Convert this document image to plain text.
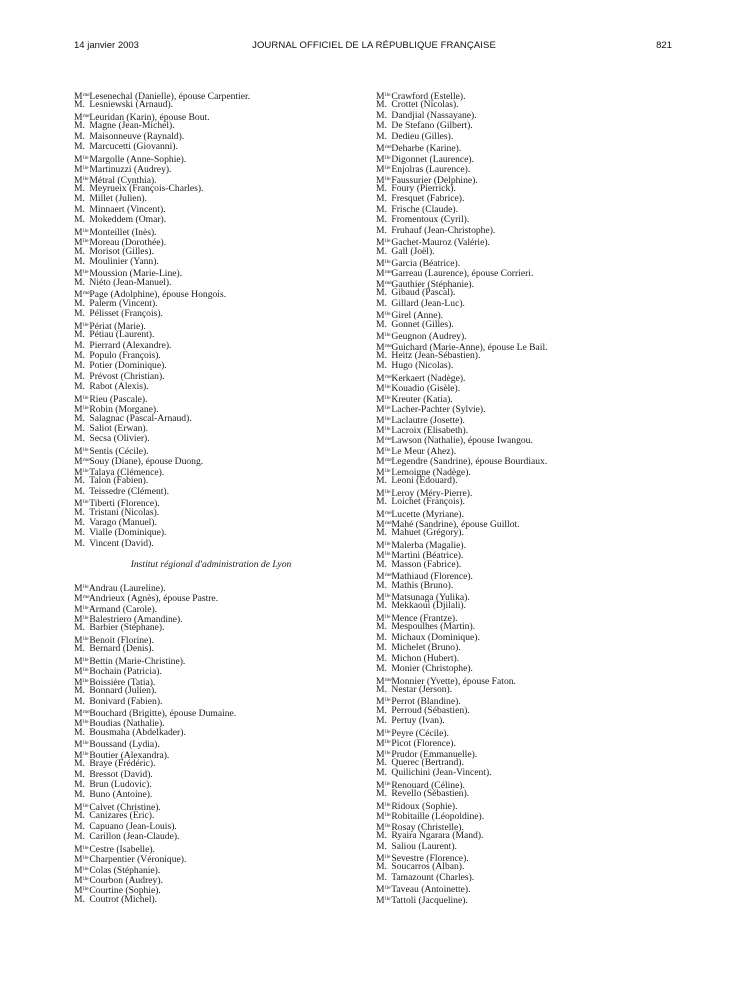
14 janvier 2003	JOURNAL OFFICIEL DE LA RÉPUBLIQUE FRANÇAISE	821
$M^{me}$ Lesenechal (Danielle), épouse Carpentier.
M. Lesniewski (Arnaud).
$M^{me}$ Leuridan (Karin), épouse Bout.
M. Magne (Jean-Michel).
M. Maisonneuve (Raynald).
M. Marcucetti (Giovanni).
$M^{lle}$ Margolle (Anne-Sophie).
$M^{lle}$ Martinuzzi (Audrey).
$M^{lle}$ Métral (Cynthia).
M. Meyrueix (François-Charles).
M. Millet (Julien).
M. Minnaert (Vincent).
M. Mokeddem (Omar).
$M^{lle}$ Monteillet (Inès).
$M^{lle}$ Moreau (Dorothée).
M. Morisot (Gilles).
M. Moulinier (Yann).
$M^{lle}$ Moussion (Marie-Line).
M. Niéto (Jean-Manuel).
$M^{me}$ Page (Adolphine), épouse Hongois.
M. Palerm (Vincent).
M. Pélisset (François).
$M^{lle}$ Périat (Marie).
M. Pétiau (Laurent).
M. Pierrard (Alexandre).
M. Populo (François).
M. Potier (Dominique).
M. Prévost (Christian).
M. Rabot (Alexis).
$M^{lle}$ Rieu (Pascale).
$M^{lle}$ Robin (Morgane).
M. Salagnac (Pascal-Arnaud).
M. Saliot (Erwan).
M. Secsa (Olivier).
$M^{lle}$ Sentis (Cécile).
$M^{me}$ Souy (Diane), épouse Duong.
$M^{lle}$ Talaya (Clémence).
M. Talon (Fabien).
M. Teissedre (Clément).
$M^{lle}$ Tiberti (Florence).
M. Tristani (Nicolas).
M. Varago (Manuel).
M. Vialle (Dominique).
M. Vincent (David).
Institut régional d'administration de Lyon
$M^{lle}$ Andrau (Laureline).
$M^{me}$ Andrieux (Agnès), épouse Pastre.
$M^{lle}$ Armand (Carole).
$M^{lle}$ Balestriero (Amandine).
M. Barbier (Stéphane).
$M^{lle}$ Benoit (Florine).
M. Bernard (Denis).
$M^{lle}$ Bettin (Marie-Christine).
$M^{lle}$ Bochain (Patricia).
$M^{lle}$ Boissière (Tatia).
M. Bonnard (Julien).
M. Bonivard (Fabien).
$M^{me}$ Bouchard (Brigitte), épouse Dumaine.
$M^{lle}$ Boudias (Nathalie).
M. Bousmaha (Abdelkader).
$M^{lle}$ Boussand (Lydia).
$M^{lle}$ Boutier (Alexandra).
M. Braye (Frédéric).
M. Bressot (David).
M. Brun (Ludovic).
M. Buno (Antoine).
$M^{lle}$ Calvet (Christine).
M. Canizares (Eric).
M. Capuano (Jean-Louis).
M. Carillon (Jean-Claude).
$M^{lle}$ Cestre (Isabelle).
$M^{lle}$ Charpentier (Véronique).
$M^{lle}$ Colas (Stéphanie).
$M^{lle}$ Courbon (Audrey).
$M^{lle}$ Courtine (Sophie).
M. Coutrot (Michel).
$M^{lle}$ Crawford (Estelle).
M. Crottet (Nicolas).
M. Dandjial (Nassayane).
M. De Stefano (Gilbert).
M. Dedieu (Gilles).
$M^{me}$ Deharbe (Karine).
$M^{lle}$ Digonnet (Laurence).
$M^{lle}$ Enjolras (Laurence).
$M^{lle}$ Faussurier (Delphine).
M. Foury (Pierrick).
M. Fresquet (Fabrice).
M. Frische (Claude).
M. Fromentoux (Cyril).
M. Fruhauf (Jean-Christophe).
$M^{lle}$ Gachet-Mauroz (Valérie).
M. Gall (Joël).
$M^{lle}$ Garcia (Béatrice).
$M^{me}$ Garreau (Laurence), épouse Corrieri.
$M^{me}$ Gauthier (Stéphanie).
M. Gibaud (Pascal).
M. Gillard (Jean-Luc).
$M^{lle}$ Girel (Anne).
M. Gonnet (Gilles).
$M^{lle}$ Geugnon (Audrey).
$M^{me}$ Guichard (Marie-Anne), épouse Le Bail.
M. Heitz (Jean-Sébastien).
M. Hugo (Nicolas).
$M^{me}$ Kerkaert (Nadège).
$M^{lle}$ Kouadio (Gisèle).
$M^{lle}$ Kreuter (Katia).
$M^{lle}$ Lacher-Pachter (Sylvie).
$M^{lle}$ Laclautre (Josette).
$M^{lle}$ Lacroix (Elisabeth).
$M^{me}$ Lawson (Nathalie), épouse Iwangou.
$M^{lle}$ Le Meur (Ahez).
$M^{me}$ Legendre (Sandrine), épouse Bourdiaux.
$M^{lle}$ Lemoigne (Nadège).
M. Leoni (Edouard).
$M^{lle}$ Leroy (Méry-Pierre).
M. Loichet (François).
$M^{me}$ Lucette (Myriane).
$M^{me}$ Mahé (Sandrine), épouse Guillot.
M. Mahuet (Grégory).
$M^{lle}$ Malerba (Magalie).
$M^{lle}$ Martini (Béatrice).
M. Masson (Fabrice).
$M^{me}$ Mathiaud (Florence).
M. Mathis (Bruno).
$M^{lle}$ Matsunaga (Yulika).
M. Mekkaoui (Djilali).
$M^{lle}$ Mence (Frantze).
M. Mespoulhes (Martin).
M. Michaux (Dominique).
M. Michelet (Bruno).
M. Michon (Hubert).
M. Monier (Christophe).
$M^{me}$ Monnier (Yvette), épouse Faton.
M. Nestar (Jerson).
$M^{lle}$ Perrot (Blandine).
M. Perroud (Sébastien).
M. Pertuy (Ivan).
$M^{lle}$ Peyre (Cécile).
$M^{lle}$ Picot (Florence).
$M^{lle}$ Prudor (Emmanuelle).
M. Querec (Bertrand).
M. Quilichini (Jean-Vincent).
$M^{lle}$ Renouard (Céline).
M. Revello (Sébastien).
$M^{lle}$ Ridoux (Sophie).
$M^{lle}$ Robitaille (Léopoldine).
$M^{lle}$ Rosay (Christelle).
M. Ryaira Ngarara (Mand).
M. Saliou (Laurent).
$M^{lle}$ Sevestre (Florence).
M. Soucarros (Alban).
M. Tamazount (Charles).
$M^{lle}$ Taveau (Antoinette).
$M^{lle}$ Tattoli (Jacqueline).
